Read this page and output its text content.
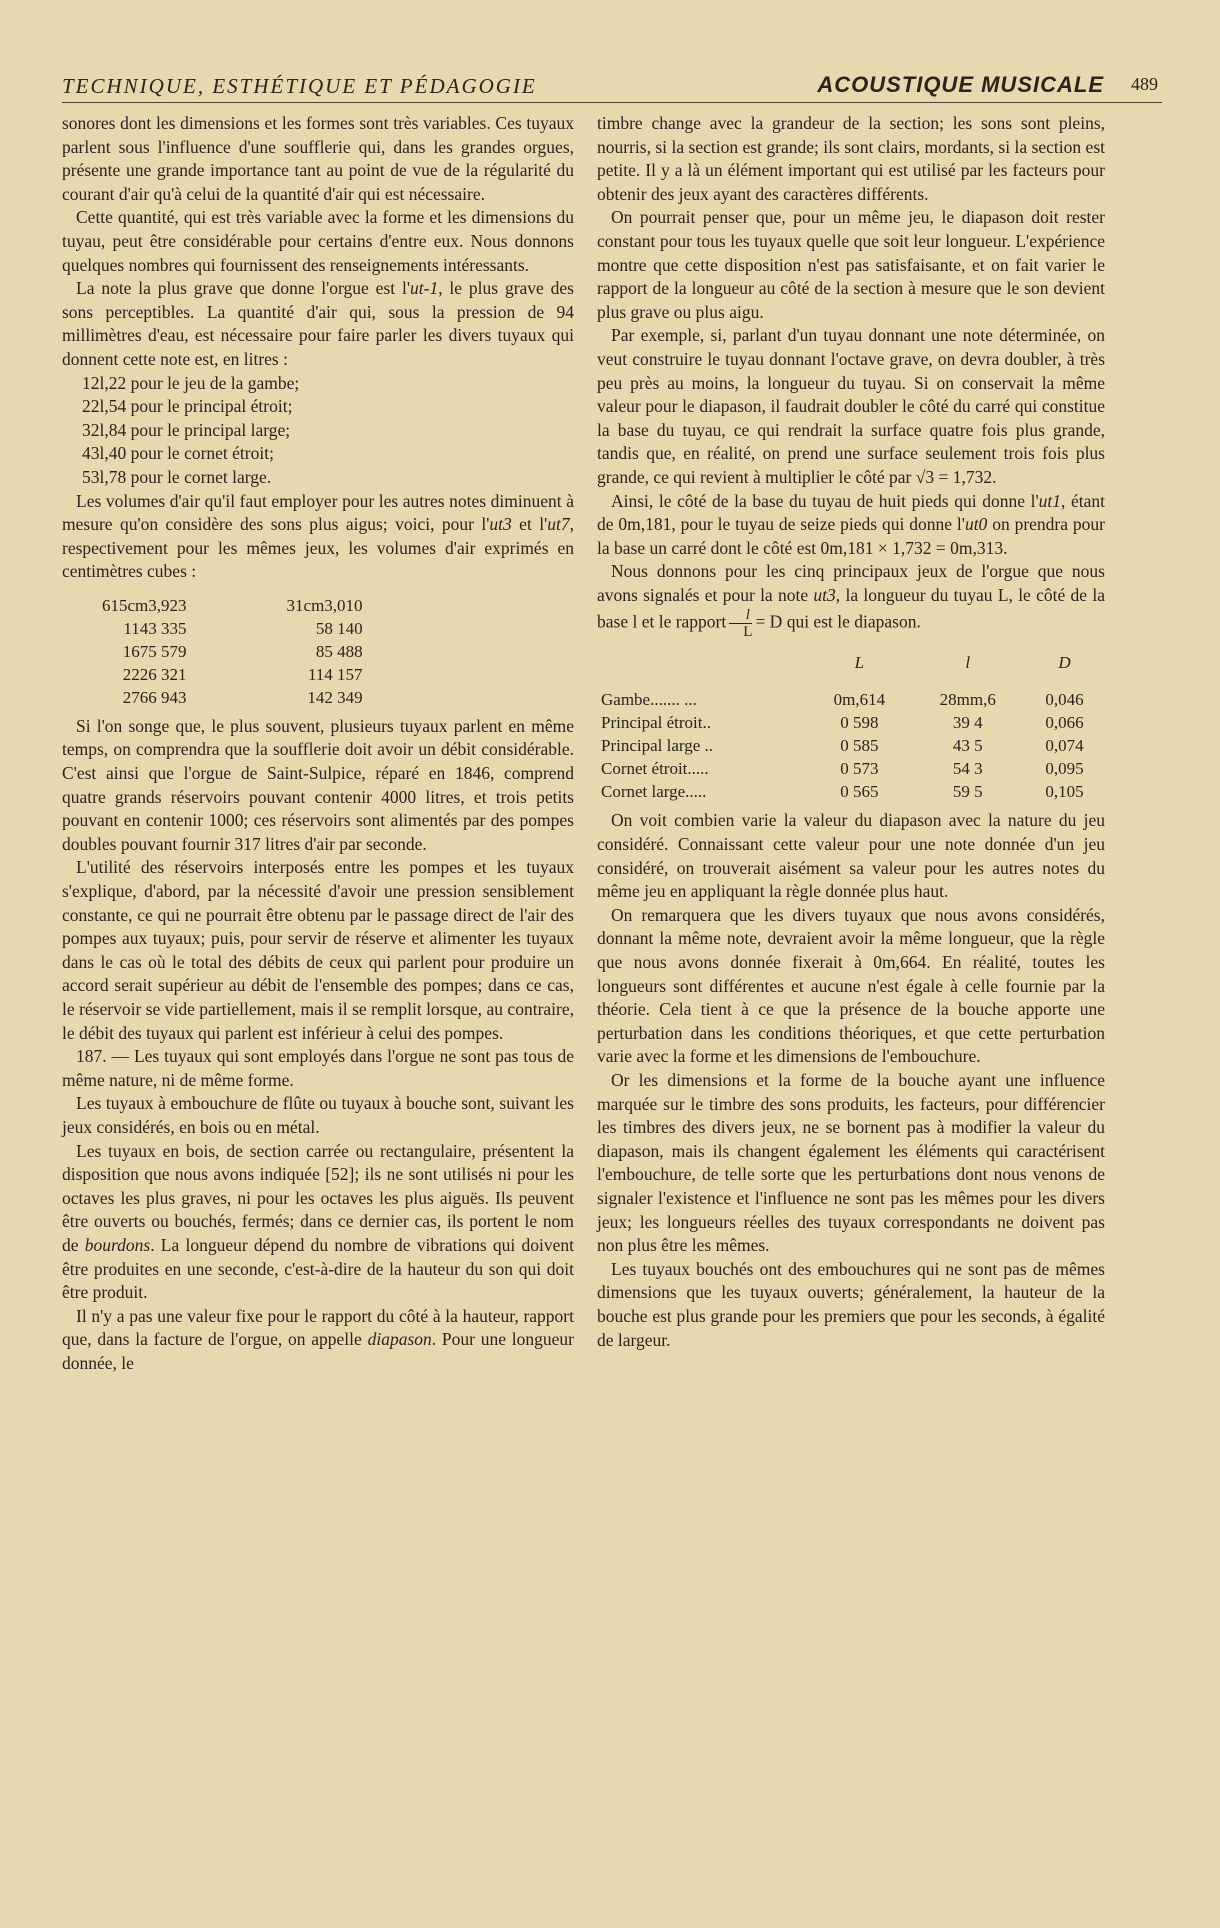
TECHNIQUE, ESTHÉTIQUE ET PÉDAGOGIE	ACOUSTIQUE MUSICALE 489

sonores dont les dimensions et les formes sont très variables. Ces tuyaux parlent sous l'influence d'une soufflerie qui, dans les grandes orgues, présente une grande importance tant au point de vue de la régularité du courant d'air qu'à celui de la quantité d'air qui est nécessaire.

Cette quantité, qui est très variable avec la forme et les dimensions du tuyau, peut être considérable pour certains d'entre eux. Nous donnons quelques nombres qui fournissent des renseignements intéressants.

La note la plus grave que donne l'orgue est l'ut-1, le plus grave des sons perceptibles. La quantité d'air qui, sous la pression de 94 millimètres d'eau, est nécessaire pour faire parler les divers tuyaux qui donnent cette note est, en litres :

12l,22 pour le jeu de la gambe;

22l,54 pour le principal étroit;

32l,84 pour le principal large;

43l,40 pour le cornet étroit;

53l,78 pour le cornet large.

Les volumes d'air qu'il faut employer pour les autres notes diminuent à mesure qu'on considère des sons plus aigus; voici, pour l'ut3 et l'ut7, respectivement pour les mêmes jeux, les volumes d'air exprimés en centimètres cubes :

615cm3,923		31cm3,010
1143 335		58 140
1675 579		85 488
2226 321		114 157
2766 943		142 349

Si l'on songe que, le plus souvent, plusieurs tuyaux parlent en même temps, on comprendra que la soufflerie doit avoir un débit considérable. C'est ainsi que l'orgue de Saint-Sulpice, réparé en 1846, comprend quatre grands réservoirs pouvant contenir 4000 litres, et trois petits pouvant en contenir 1000; ces réservoirs sont alimentés par des pompes doubles pouvant fournir 317 litres d'air par seconde.

L'utilité des réservoirs interposés entre les pompes et les tuyaux s'explique, d'abord, par la nécessité d'avoir une pression sensiblement constante, ce qui ne pourrait être obtenu par le passage direct de l'air des pompes aux tuyaux; puis, pour servir de réserve et alimenter les tuyaux dans le cas où le total des débits de ceux qui parlent pour produire un accord serait supérieur au débit de l'ensemble des pompes; dans ce cas, le réservoir se vide partiellement, mais il se remplit lorsque, au contraire, le débit des tuyaux qui parlent est inférieur à celui des pompes.

187. — Les tuyaux qui sont employés dans l'orgue ne sont pas tous de même nature, ni de même forme.

Les tuyaux à embouchure de flûte ou tuyaux à bouche sont, suivant les jeux considérés, en bois ou en métal.

Les tuyaux en bois, de section carrée ou rectangulaire, présentent la disposition que nous avons indiquée [52]; ils ne sont utilisés ni pour les octaves les plus graves, ni pour les octaves les plus aiguës. Ils peuvent être ouverts ou bouchés, fermés; dans ce dernier cas, ils portent le nom de bourdons. La longueur dépend du nombre de vibrations qui doivent être produites en une seconde, c'est-à-dire de la hauteur du son qui doit être produit.

Il n'y a pas une valeur fixe pour le rapport du côté à la hauteur, rapport que, dans la facture de l'orgue, on appelle diapason. Pour une longueur donnée, le

timbre change avec la grandeur de la section; les sons sont pleins, nourris, si la section est grande; ils sont clairs, mordants, si la section est petite. Il y a là un élément important qui est utilisé par les facteurs pour obtenir des jeux ayant des caractères différents.

On pourrait penser que, pour un même jeu, le diapason doit rester constant pour tous les tuyaux quelle que soit leur longueur. L'expérience montre que cette disposition n'est pas satisfaisante, et on fait varier le rapport de la longueur au côté de la section à mesure que le son devient plus grave ou plus aigu.

Par exemple, si, parlant d'un tuyau donnant une note déterminée, on veut construire le tuyau donnant l'octave grave, on devra doubler, à très peu près au moins, la longueur du tuyau. Si on conservait la même valeur pour le diapason, il faudrait doubler le côté du carré qui constitue la base du tuyau, ce qui rendrait la surface quatre fois plus grande, tandis que, en réalité, on prend une surface seulement trois fois plus grande, ce qui revient à multiplier le côté par √3 = 1,732.

Ainsi, le côté de la base du tuyau de huit pieds qui donne l'ut1, étant de 0m,181, pour le tuyau de seize pieds qui donne l'ut0 on prendra pour la base un carré dont le côté est 0m,181 × 1,732 = 0m,313.

Nous donnons pour les cinq principaux jeux de l'orgue que nous avons signalés et pour la note ut3, la longueur du tuyau L, le côté de la base l et le rapport $\frac{l}{L} = D$ qui est le diapason.

	L	l	D
Gambe....... ...	0m,614	28mm,6	0,046
Principal étroit..	0 598	39 4	0,066
Principal large ..	0 585	43 5	0,074
Cornet étroit.....	0 573	54 3	0,095
Cornet large.....	0 565	59 5	0,105

On voit combien varie la valeur du diapason avec la nature du jeu considéré. Connaissant cette valeur pour une note donnée d'un jeu considéré, on trouverait aisément sa valeur pour les autres notes du même jeu en appliquant la règle donnée plus haut.

On remarquera que les divers tuyaux que nous avons considérés, donnant la même note, devraient avoir la même longueur, que la règle que nous avons donnée fixerait à 0m,664. En réalité, toutes les longueurs sont différentes et aucune n'est égale à celle fournie par la théorie. Cela tient à ce que la présence de la bouche apporte une perturbation dans les conditions théoriques, et que cette perturbation varie avec la forme et les dimensions de l'embouchure.

Or les dimensions et la forme de la bouche ayant une influence marquée sur le timbre des sons produits, les facteurs, pour différencier les timbres des divers jeux, ne se bornent pas à modifier la valeur du diapason, mais ils changent également les éléments qui caractérisent l'embouchure, de telle sorte que les perturbations dont nous venons de signaler l'existence et l'influence ne sont pas les mêmes pour les divers jeux; les longueurs réelles des tuyaux correspondants ne doivent pas non plus être les mêmes.

Les tuyaux bouchés ont des embouchures qui ne sont pas de mêmes dimensions que les tuyaux ouverts; généralement, la hauteur de la bouche est plus grande pour les premiers que pour les seconds, à égalité de largeur.
